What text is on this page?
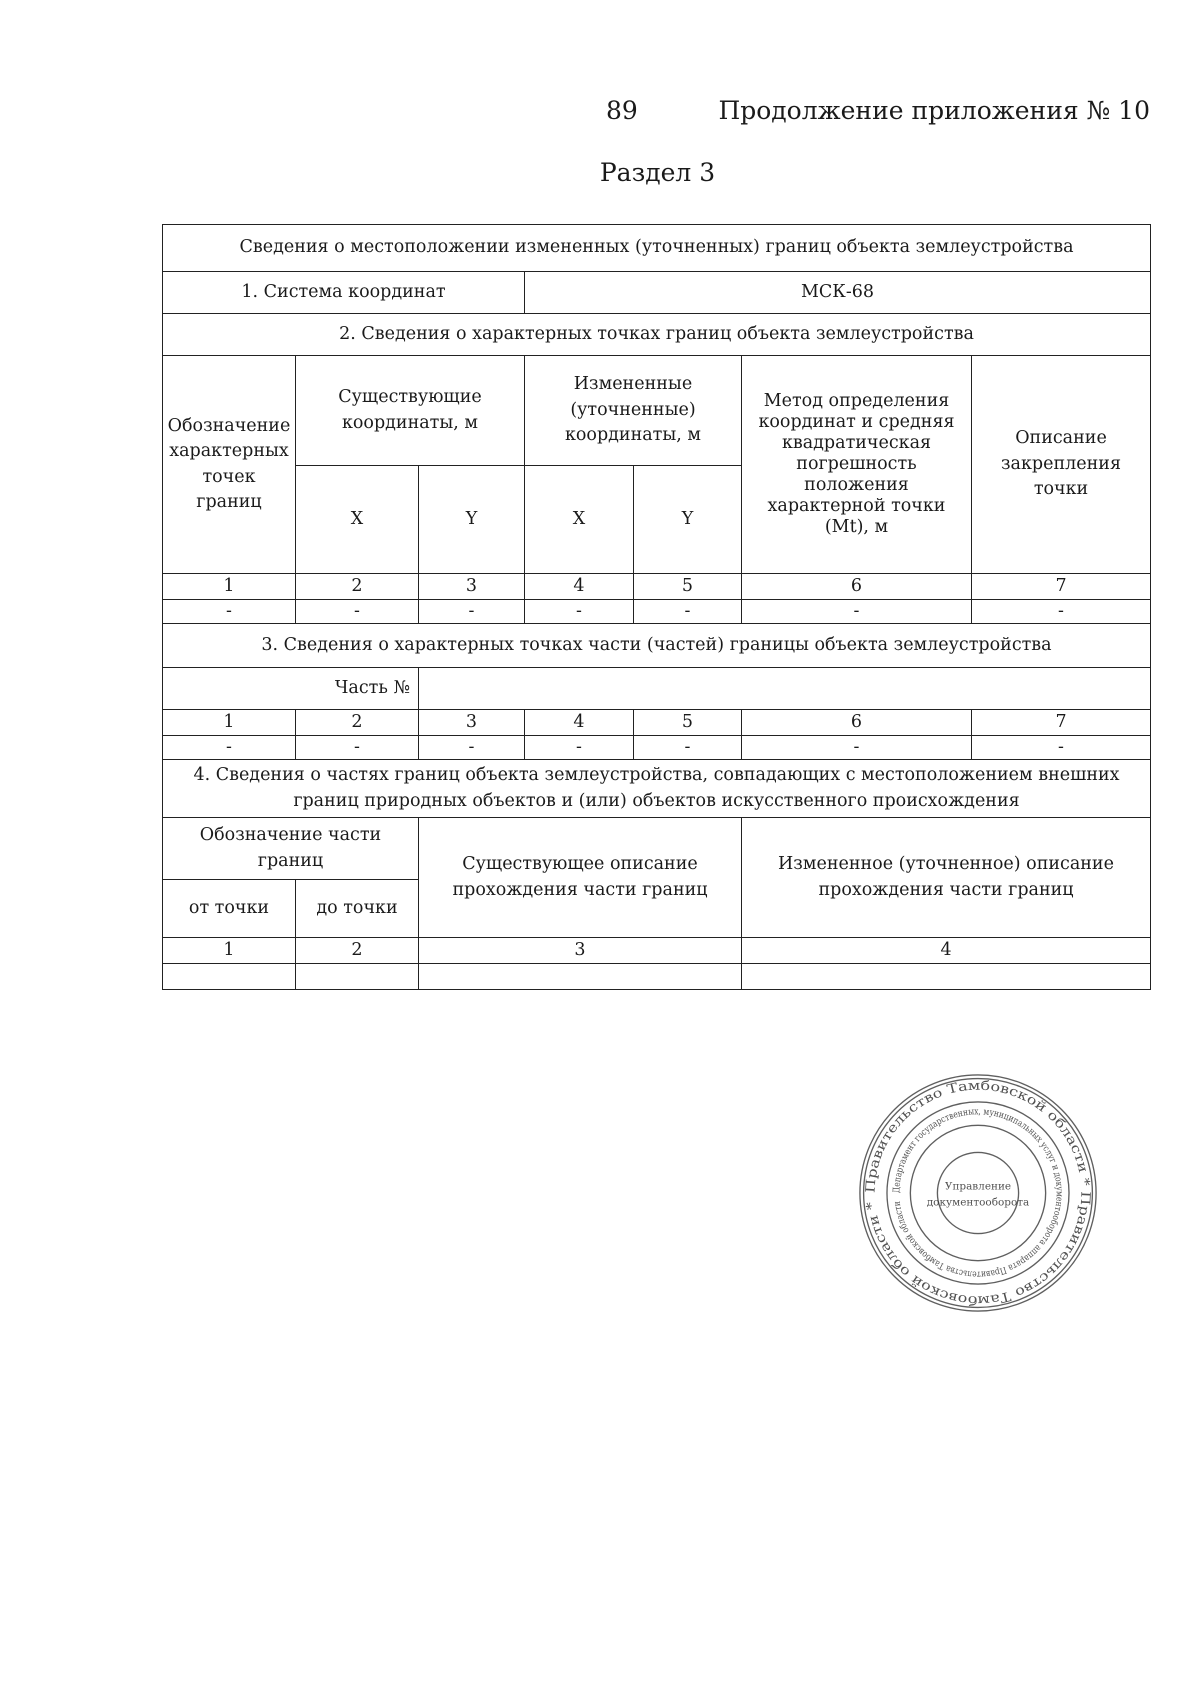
89	Продолжение приложения № 10
Раздел 3
Сведения о местоположении измененных (уточненных) границ объекта землеустройства						
1. Система координат			МСК-68			
2. Сведения о характерных точках границ объекта землеустройства						
Обозначение характерных точек границ	Существующие координаты, м		Измененные (уточненные) координаты, м		Метод определения координат и средняя квадратическая погрешность положения характерной точки (Mt), м	Описание закрепления точки
	X	Y	X	Y		
1	2	3	4	5	6	7
-	-	-	-	-	-	-
3. Сведения о характерных точках части (частей) границы объекта землеустройства						
Часть №						
1	2	3	4	5	6	7
-	-	-	-	-	-	-
4. Сведения о частях границ объекта землеустройства, совпадающих с местоположением внешних границ природных объектов и (или) объектов искусственного происхождения						
Обозначение части границ		Существующее описание прохождения части границ			Измененное (уточненное) описание прохождения части границ	
от точки	до точки					
1	2	3			4	

Правительство Тамбовской области * Правительство Тамбовской области *
Департамент государственных, муниципальных услуг и документооборота аппарата Правительства Тамбовской области
Управление
документооборота
